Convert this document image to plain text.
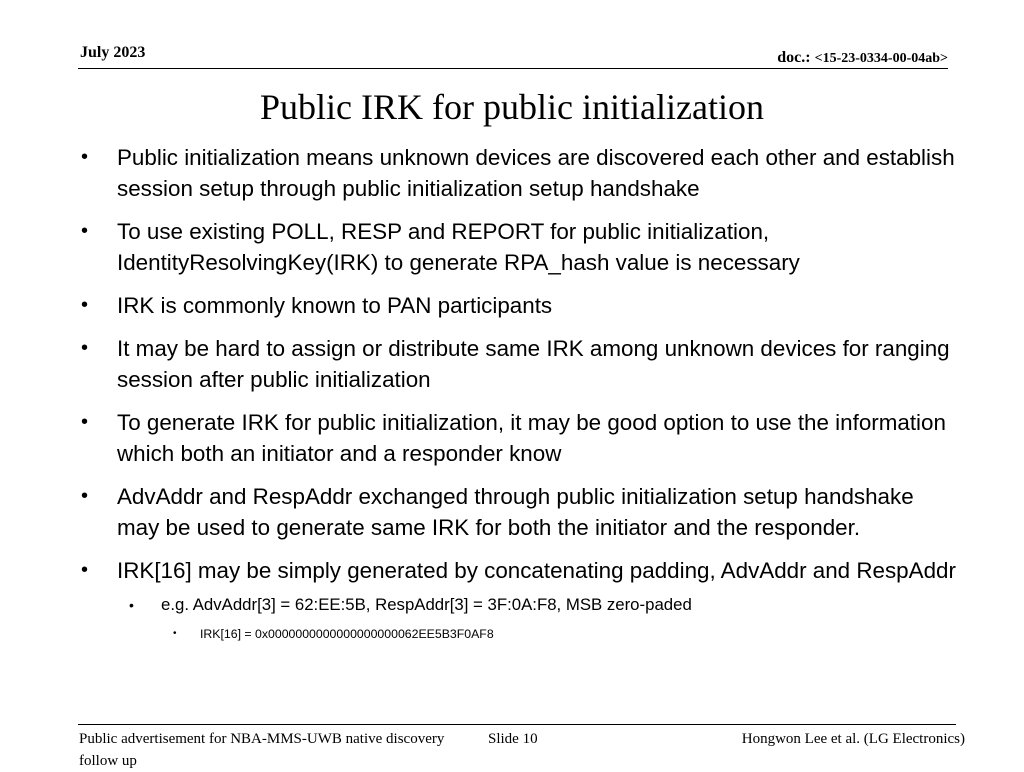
July 2023	doc.: <15-23-0334-00-04ab>
Public IRK for public initialization
• Public initialization means unknown devices are discovered each other and establish session setup through public initialization setup handshake
• To use existing POLL, RESP and REPORT for public initialization, IdentityResolvingKey(IRK) to generate RPA_hash value is necessary
• IRK is commonly known to PAN participants
• It may be hard to assign or distribute same IRK among unknown devices for ranging session after public initialization
• To generate IRK for public initialization, it may be good option to use the information which both an initiator and a responder know
• AdvAddr and RespAddr exchanged through public initialization setup handshake may be used to generate same IRK for both the initiator and the responder.
• IRK[16] may be simply generated by concatenating padding, AdvAddr and RespAddr
• e.g. AdvAddr[3] = 62:EE:5B, RespAddr[3] = 3F:0A:F8, MSB zero-paded
• IRK[16] = 0x0000000000000000000062EE5B3F0AF8
Public advertisement for NBA-MMS-UWB native discovery follow up
Slide 10	Hongwon Lee et al. (LG Electronics)
